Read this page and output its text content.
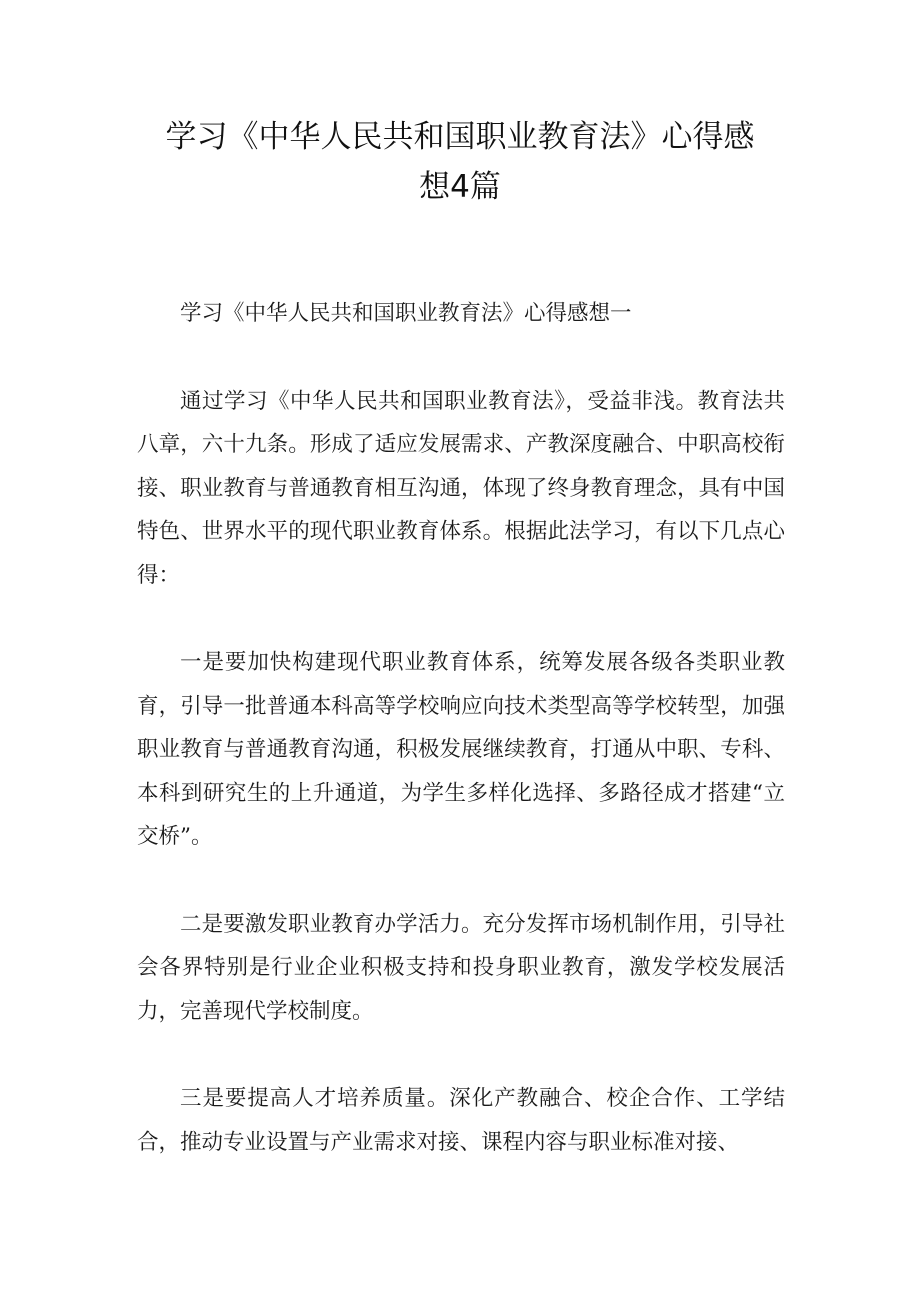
学习《中华人民共和国职业教育法》心得感
想4篇

学习《中华人民共和国职业教育法》心得感想一

通过学习《中华人民共和国职业教育法》，受益非浅。教育法共八章，六十九条。形成了适应发展需求、产教深度融合、中职高校衔接、职业教育与普通教育相互沟通，体现了终身教育理念，具有中国特色、世界水平的现代职业教育体系。根据此法学习，有以下几点心得：

一是要加快构建现代职业教育体系，统筹发展各级各类职业教育，引导一批普通本科高等学校响应向技术类型高等学校转型，加强职业教育与普通教育沟通，积极发展继续教育，打通从中职、专科、本科到研究生的上升通道，为学生多样化选择、多路径成才搭建“立交桥”。

二是要激发职业教育办学活力。充分发挥市场机制作用，引导社会各界特别是行业企业积极支持和投身职业教育，激发学校发展活力，完善现代学校制度。

三是要提高人才培养质量。深化产教融合、校企合作、工学结合，推动专业设置与产业需求对接、课程内容与职业标准对接、
